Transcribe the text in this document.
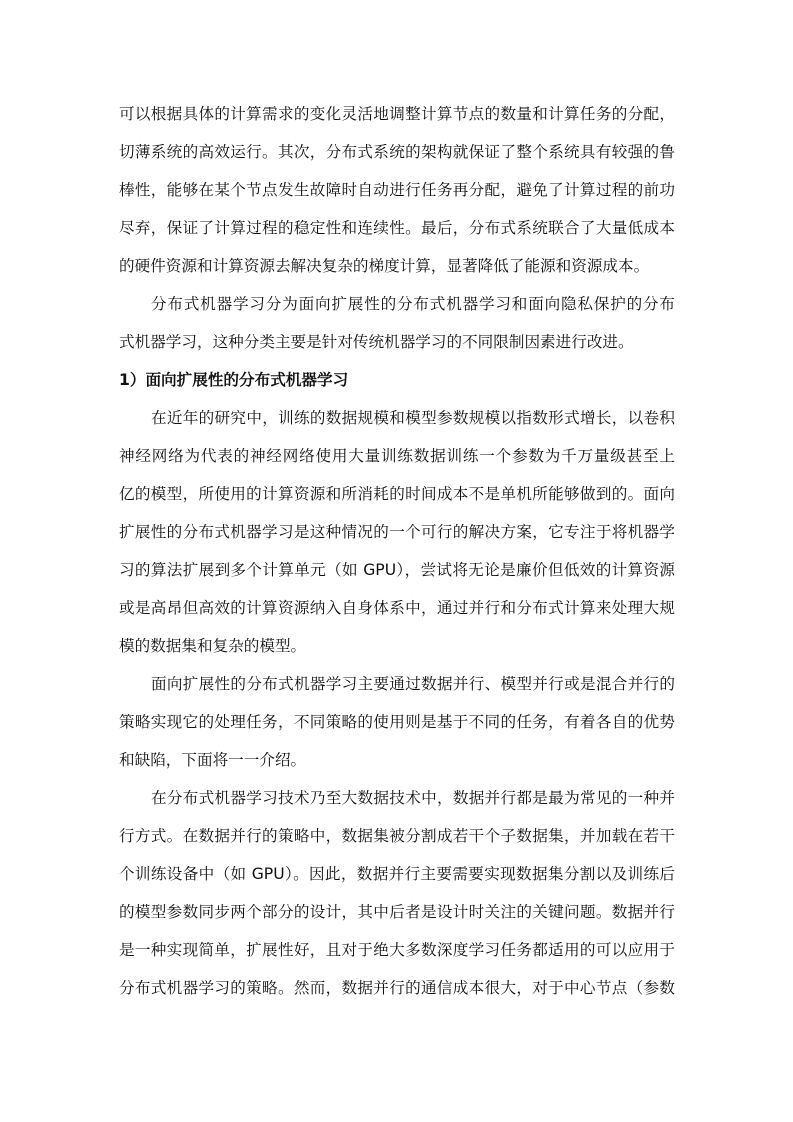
可以根据具体的计算需求的变化灵活地调整计算节点的数量和计算任务的分配，
切薄系统的高效运行。其次，分布式系统的架构就保证了整个系统具有较强的鲁
棒性，能够在某个节点发生故障时自动进行任务再分配，避免了计算过程的前功
尽弃，保证了计算过程的稳定性和连续性。最后，分布式系统联合了大量低成本
的硬件资源和计算资源去解决复杂的梯度计算，显著降低了能源和资源成本。
分布式机器学习分为面向扩展性的分布式机器学习和面向隐私保护的分布
式机器学习，这种分类主要是针对传统机器学习的不同限制因素进行改进。
1）面向扩展性的分布式机器学习
在近年的研究中，训练的数据规模和模型参数规模以指数形式增长，以卷积
神经网络为代表的神经网络使用大量训练数据训练一个参数为千万量级甚至上
亿的模型，所使用的计算资源和所消耗的时间成本不是单机所能够做到的。面向
扩展性的分布式机器学习是这种情况的一个可行的解决方案，它专注于将机器学
习的算法扩展到多个计算单元（如 GPU），尝试将无论是廉价但低效的计算资源
或是高昂但高效的计算资源纳入自身体系中，通过并行和分布式计算来处理大规
模的数据集和复杂的模型。
面向扩展性的分布式机器学习主要通过数据并行、模型并行或是混合并行的
策略实现它的处理任务，不同策略的使用则是基于不同的任务，有着各自的优势
和缺陷，下面将一一介绍。
在分布式机器学习技术乃至大数据技术中，数据并行都是最为常见的一种并
行方式。在数据并行的策略中，数据集被分割成若干个子数据集，并加载在若干
个训练设备中（如 GPU）。因此，数据并行主要需要实现数据集分割以及训练后
的模型参数同步两个部分的设计，其中后者是设计时关注的关键问题。数据并行
是一种实现简单，扩展性好，且对于绝大多数深度学习任务都适用的可以应用于
分布式机器学习的策略。然而，数据并行的通信成本很大，对于中心节点（参数
